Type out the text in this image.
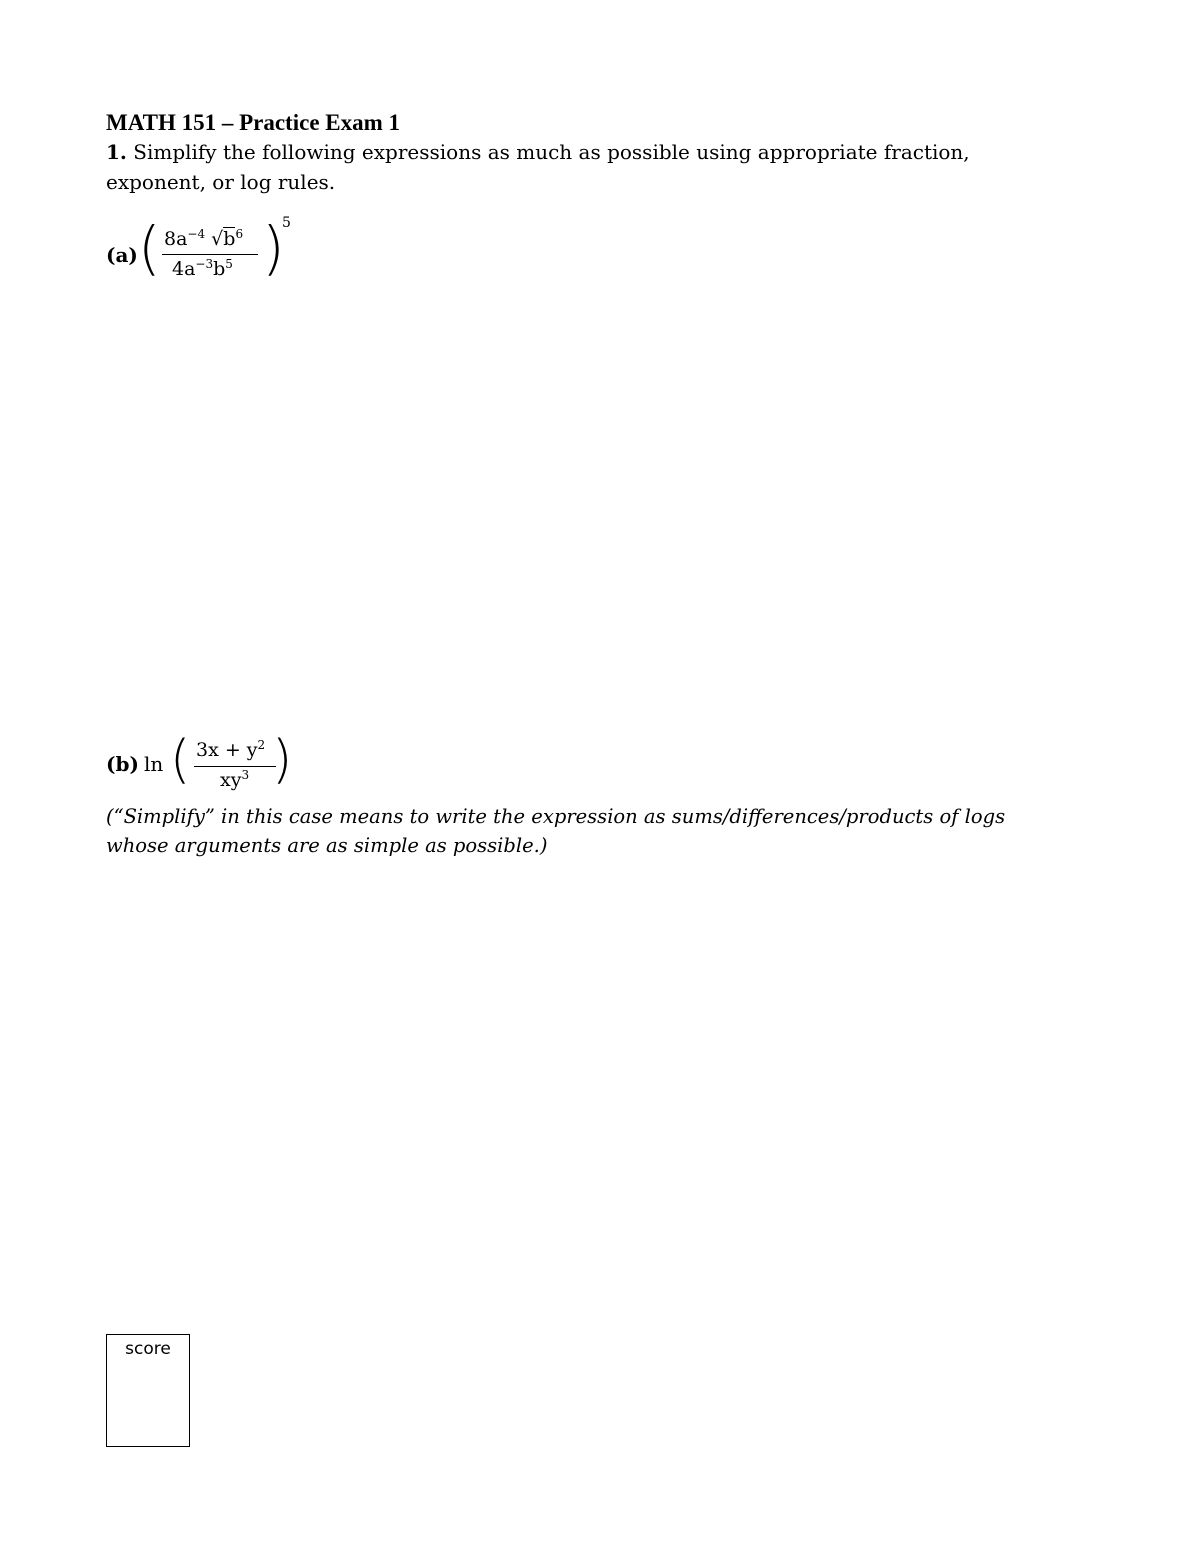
MATH 151 – Practice Exam 1
1. Simplify the following expressions as much as possible using appropriate fraction, exponent, or log rules.
(a) ( $8a^{-4}$ $√b^6$
$4a^{-3}b^5$ )
5
(b) ln ( $3x + y^2$
$xy^3$ )
(“Simplify” in this case means to write the expression as sums/differences/products of logs whose arguments are as simple as possible.)
score
